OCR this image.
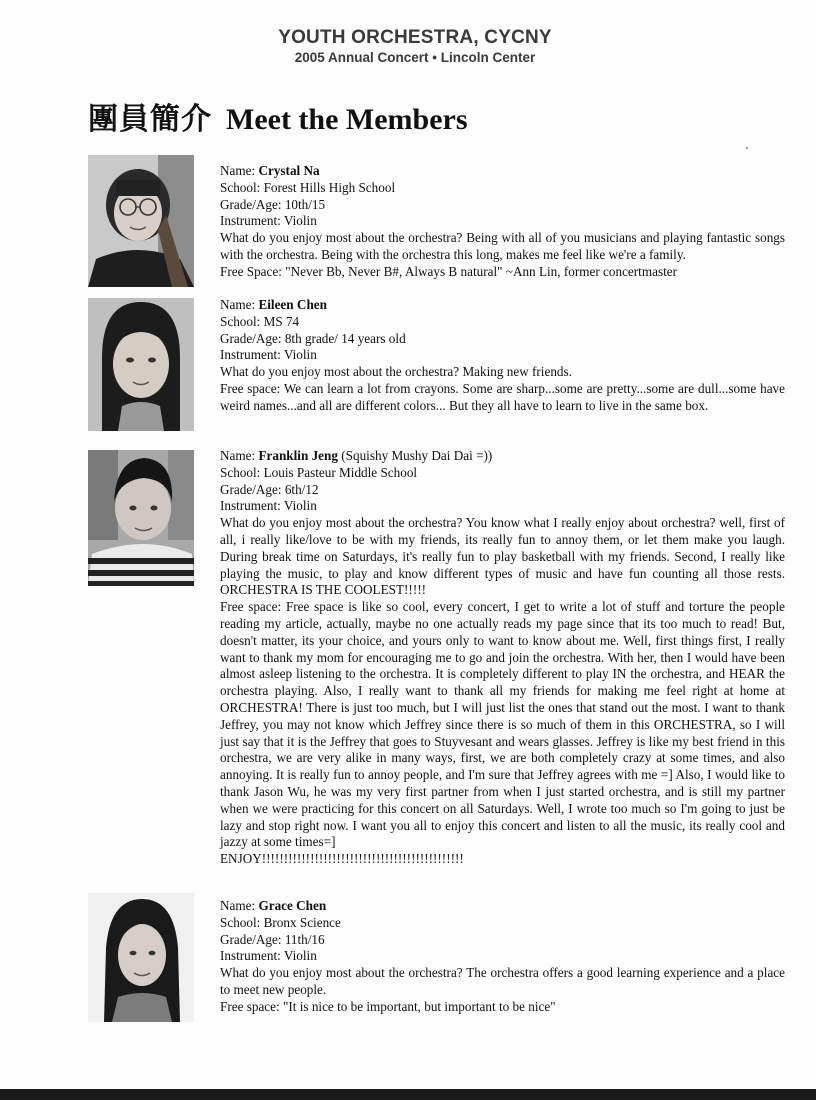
YOUTH ORCHESTRA, CYCNY
2005 Annual Concert • Lincoln Center
團員簡介 Meet the Members

Name: Crystal Na

School: Forest Hills High School

Grade/Age: 10th/15

Instrument: Violin

What do you enjoy most about the orchestra? Being with all of you musicians and playing fantastic songs with the orchestra. Being with the orchestra this long, makes me feel like we're a family.

Free Space: "Never Bb, Never B#, Always B natural" ~Ann Lin, former concertmaster

Name: Eileen Chen

School: MS 74

Grade/Age: 8th grade/ 14 years old

Instrument: Violin

What do you enjoy most about the orchestra? Making new friends.

Free space: We can learn a lot from crayons. Some are sharp...some are pretty...some are dull...some have weird names...and all are different colors... But they all have to learn to live in the same box.

Name: Franklin Jeng (Squishy Mushy Dai Dai =))

School: Louis Pasteur Middle School

Grade/Age: 6th/12

Instrument: Violin

What do you enjoy most about the orchestra? You know what I really enjoy about orchestra? well, first of all, i really like/love to be with my friends, its really fun to annoy them, or let them make you laugh. During break time on Saturdays, it's really fun to play basketball with my friends. Second, I really like playing the music, to play and know different types of music and have fun counting all those rests. ORCHESTRA IS THE COOLEST!!!!!

Free space: Free space is like so cool, every concert, I get to write a lot of stuff and torture the people reading my article, actually, maybe no one actually reads my page since that its too much to read! But, doesn't matter, its your choice, and yours only to want to know about me. Well, first things first, I really want to thank my mom for encouraging me to go and join the orchestra. With her, then I would have been almost asleep listening to the orchestra. It is completely different to play IN the orchestra, and HEAR the orchestra playing. Also, I really want to thank all my friends for making me feel right at home at ORCHESTRA! There is just too much, but I will just list the ones that stand out the most. I want to thank Jeffrey, you may not know which Jeffrey since there is so much of them in this ORCHESTRA, so I will just say that it is the Jeffrey that goes to Stuyvesant and wears glasses. Jeffrey is like my best friend in this orchestra, we are very alike in many ways, first, we are both completely crazy at some times, and also annoying. It is really fun to annoy people, and I'm sure that Jeffrey agrees with me =] Also, I would like to thank Jason Wu, he was my very first partner from when I just started orchestra, and is still my partner when we were practicing for this concert on all Saturdays. Well, I wrote too much so I'm going to just be lazy and stop right now. I want you all to enjoy this concert and listen to all the music, its really cool and jazzy at some times=]

ENJOY!!!!!!!!!!!!!!!!!!!!!!!!!!!!!!!!!!!!!!!!!!!!!!

Name: Grace Chen

School: Bronx Science

Grade/Age: 11th/16

Instrument: Violin

What do you enjoy most about the orchestra? The orchestra offers a good learning experience and a place to meet new people.

Free space: "It is nice to be important, but important to be nice"
